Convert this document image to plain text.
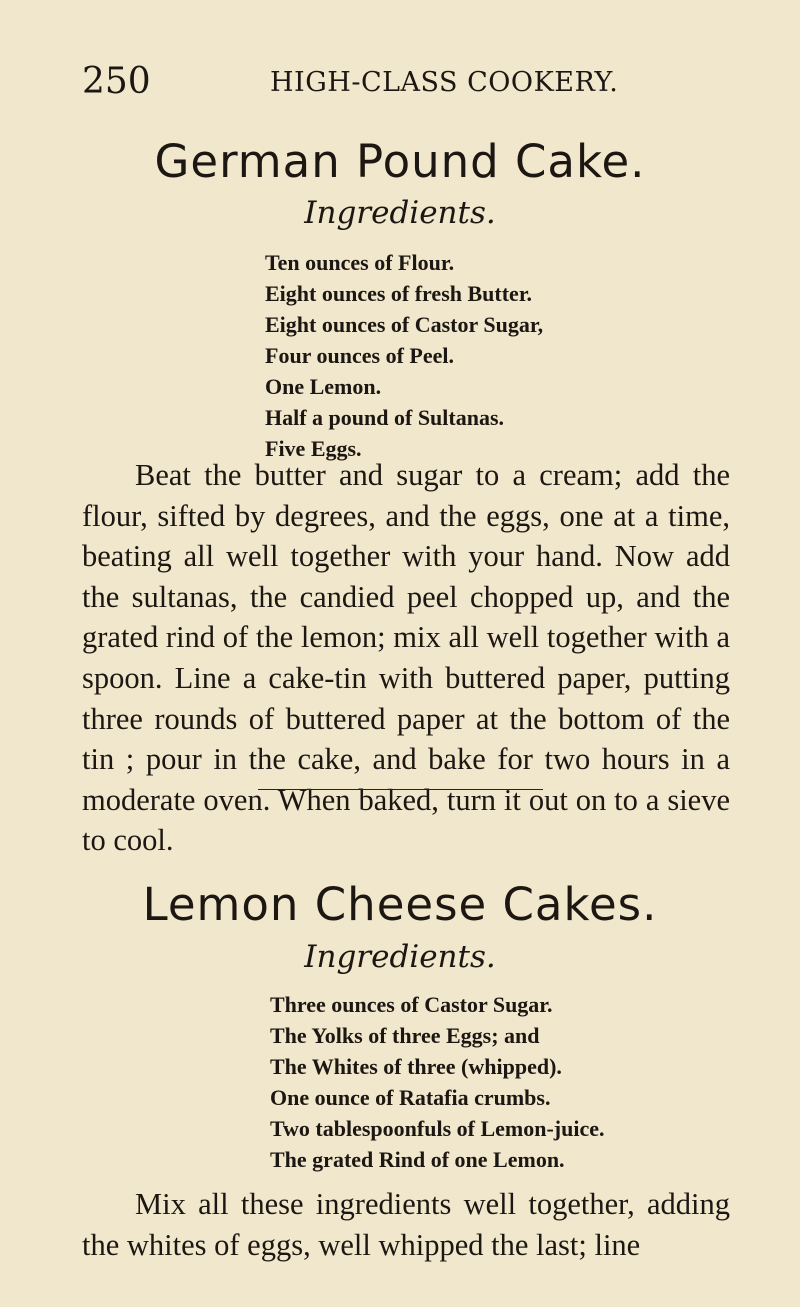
250	HIGH-CLASS COOKERY.
German Pound Cake.
Ingredients.
Ten ounces of Flour.
Eight ounces of fresh Butter.
Eight ounces of Castor Sugar,
Four ounces of Peel.
One Lemon.
Half a pound of Sultanas.
Five Eggs.

Beat the butter and sugar to a cream; add the flour, sifted by degrees, and the eggs, one at a time, beating all well together with your hand. Now add the sultanas, the candied peel chopped up, and the grated rind of the lemon; mix all well together with a spoon. Line a cake-tin with buttered paper, putting three rounds of buttered paper at the bottom of the tin ; pour in the cake, and bake for two hours in a moderate oven. When baked, turn it out on to a sieve to cool.

Lemon Cheese Cakes.
Ingredients.
Three ounces of Castor Sugar.
The Yolks of three Eggs; and
The Whites of three (whipped).
One ounce of Ratafia crumbs.
Two tablespoonfuls of Lemon-juice.
The grated Rind of one Lemon.

Mix all these ingredients well together, adding the whites of eggs, well whipped the last; line
